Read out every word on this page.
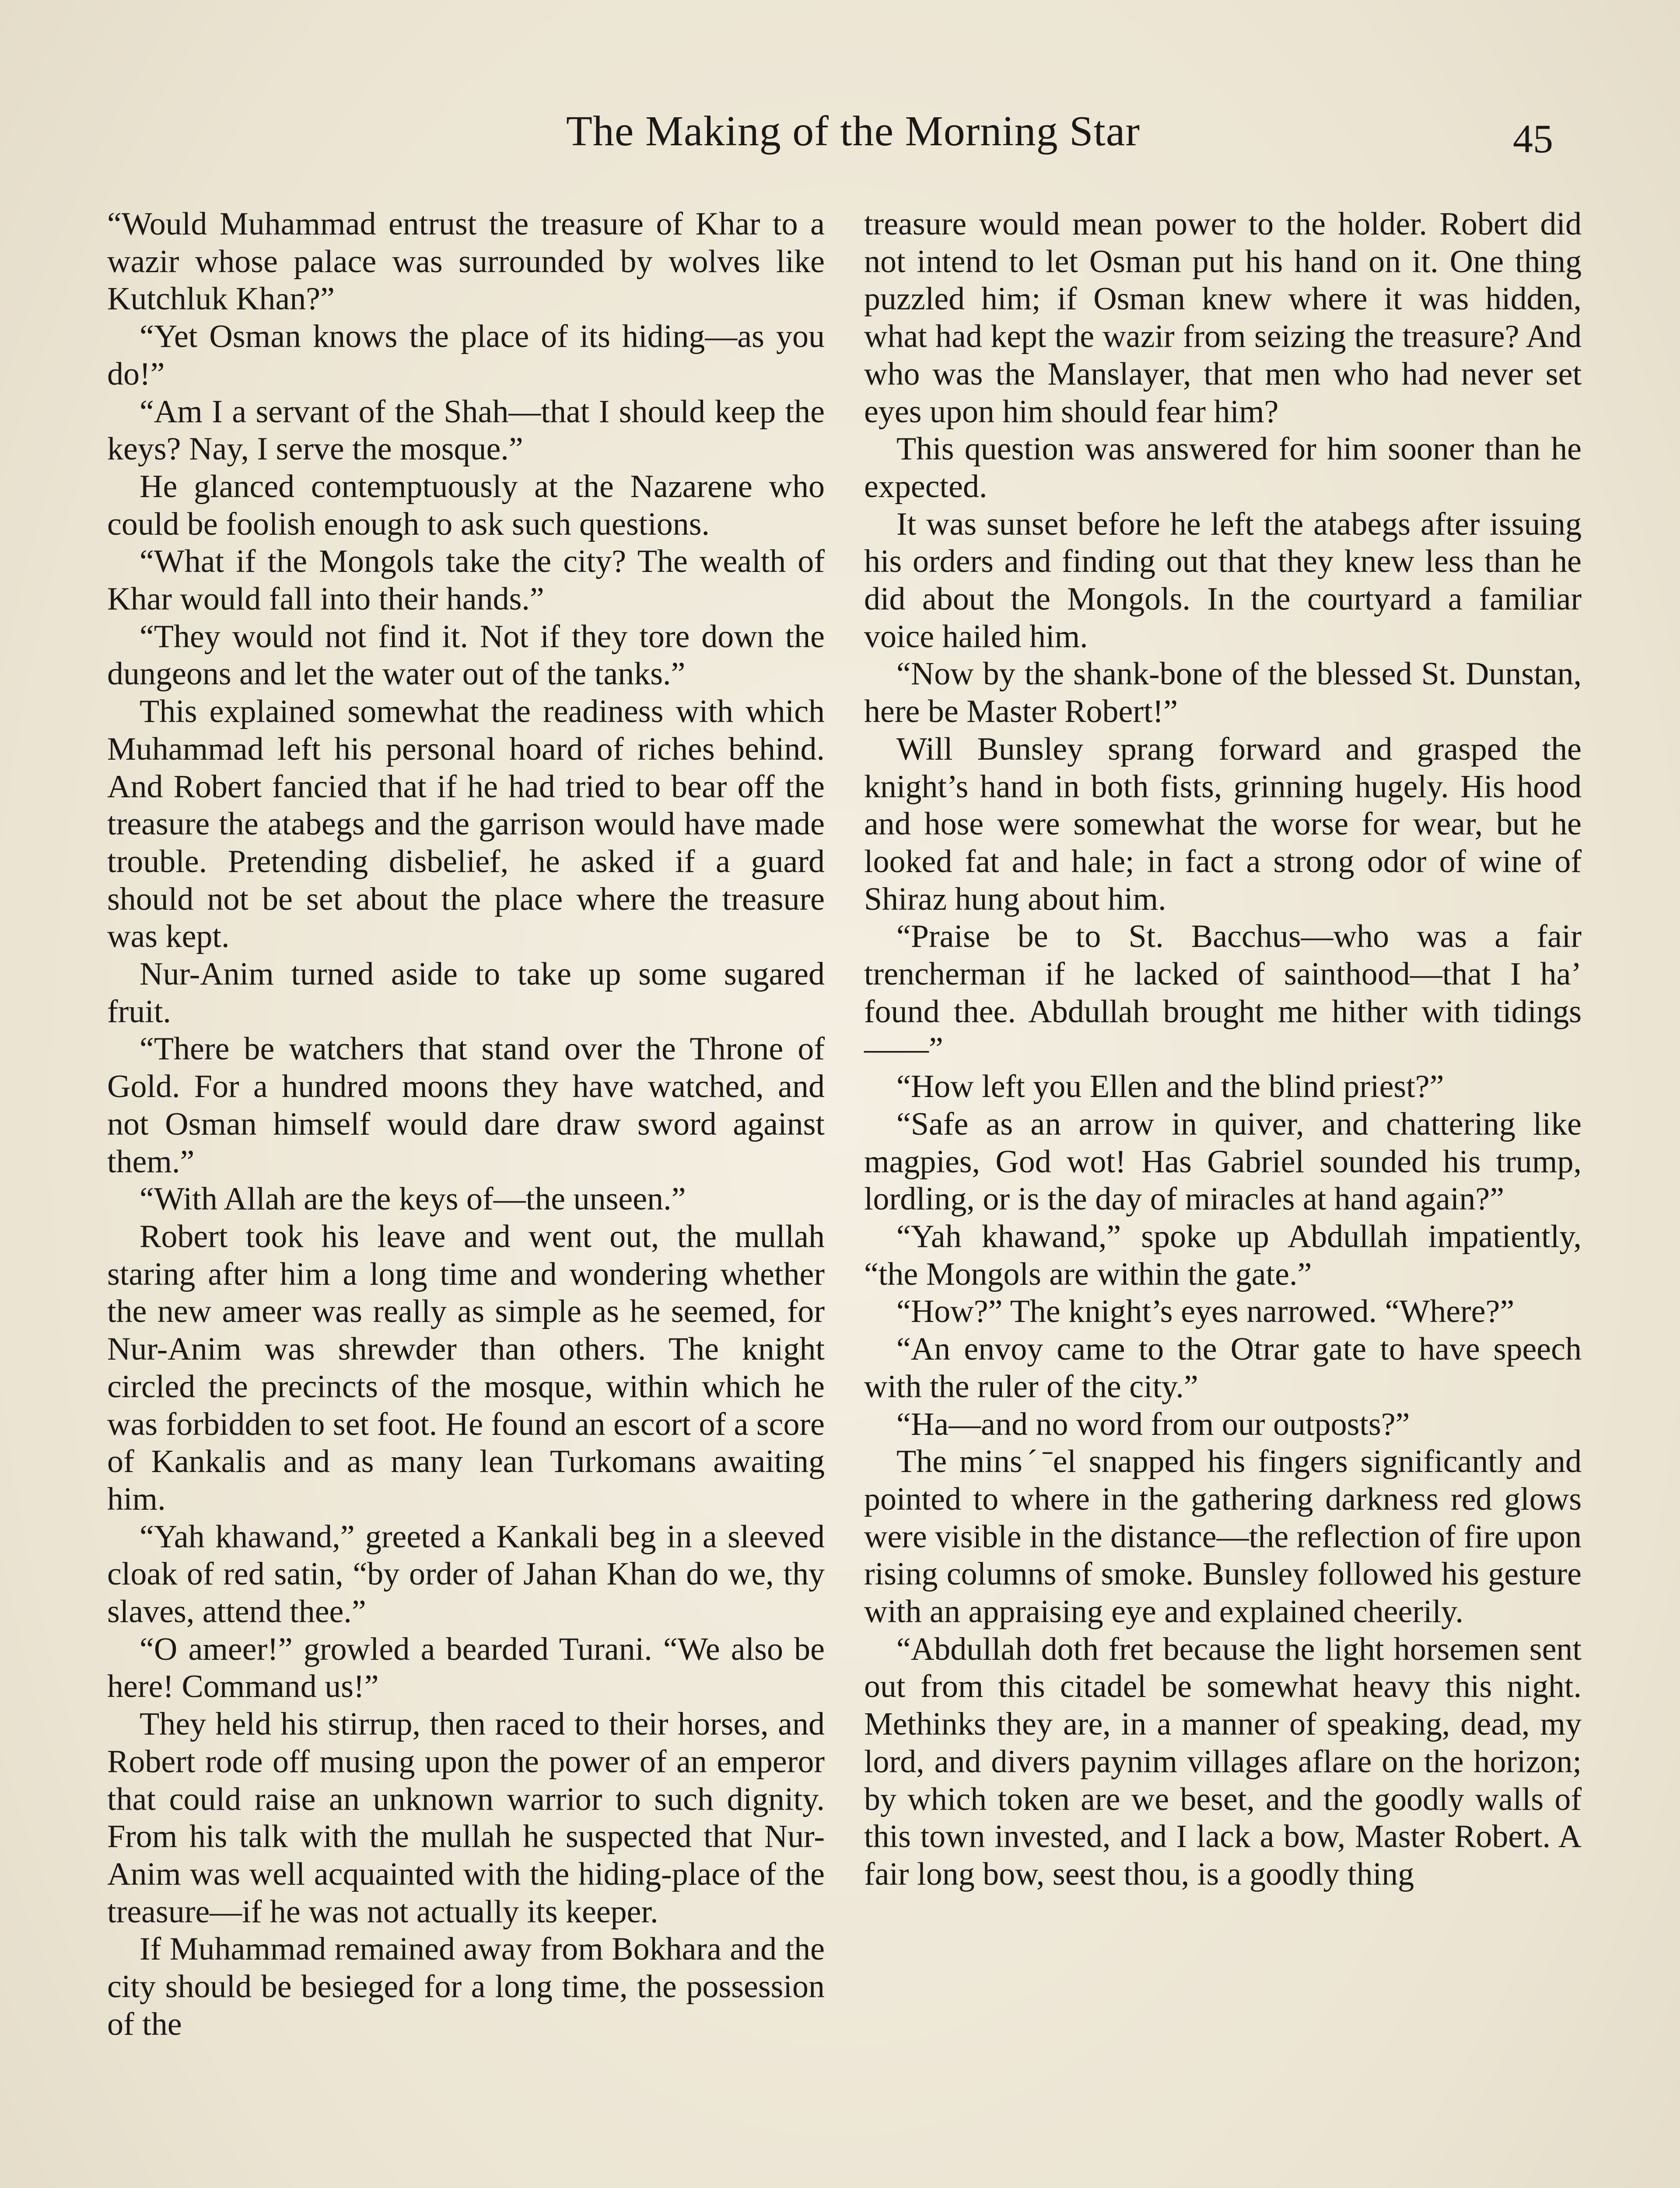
The Making of the Morning Star	45

“Would Muhammad entrust the treasure of Khar to a wazir whose palace was surrounded by wolves like Kutchluk Khan?”

“Yet Osman knows the place of its hiding—as you do!”

“Am I a servant of the Shah—that I should keep the keys? Nay, I serve the mosque.”

He glanced contemptuously at the Nazarene who could be foolish enough to ask such questions.

“What if the Mongols take the city? The wealth of Khar would fall into their hands.”

“They would not find it. Not if they tore down the dungeons and let the water out of the tanks.”

This explained somewhat the readiness with which Muhammad left his personal hoard of riches behind. And Robert fancied that if he had tried to bear off the treasure the atabegs and the garrison would have made trouble. Pretending disbelief, he asked if a guard should not be set about the place where the treasure was kept.

Nur-Anim turned aside to take up some sugared fruit.

“There be watchers that stand over the Throne of Gold. For a hundred moons they have watched, and not Osman himself would dare draw sword against them.”

“With Allah are the keys of—the unseen.”

Robert took his leave and went out, the mullah staring after him a long time and wondering whether the new ameer was really as simple as he seemed, for Nur-Anim was shrewder than others. The knight circled the precincts of the mosque, within which he was forbidden to set foot. He found an escort of a score of Kankalis and as many lean Turkomans awaiting him.

“Yah khawand,” greeted a Kankali beg in a sleeved cloak of red satin, “by order of Jahan Khan do we, thy slaves, attend thee.”

“O ameer!” growled a bearded Turani. “We also be here! Command us!”

They held his stirrup, then raced to their horses, and Robert rode off musing upon the power of an emperor that could raise an unknown warrior to such dignity. From his talk with the mullah he suspected that Nur-Anim was well acquainted with the hiding-place of the treasure—if he was not actually its keeper.

If Muhammad remained away from Bokhara and the city should be besieged for a long time, the possession of the

treasure would mean power to the holder. Robert did not intend to let Osman put his hand on it. One thing puzzled him; if Osman knew where it was hidden, what had kept the wazir from seizing the treasure? And who was the Manslayer, that men who had never set eyes upon him should fear him?

This question was answered for him sooner than he expected.

It was sunset before he left the atabegs after issuing his orders and finding out that they knew less than he did about the Mongols. In the courtyard a familiar voice hailed him.

“Now by the shank-bone of the blessed St. Dunstan, here be Master Robert!”

Will Bunsley sprang forward and grasped the knight’s hand in both fists, grinning hugely. His hood and hose were somewhat the worse for wear, but he looked fat and hale; in fact a strong odor of wine of Shiraz hung about him.

“Praise be to St. Bacchus—who was a fair trencherman if he lacked of sainthood—that I ha’ found thee. Abdullah brought me hither with tidings——”

“How left you Ellen and the blind priest?”

“Safe as an arrow in quiver, and chattering like magpies, God wot! Has Gabriel sounded his trump, lordling, or is the day of miracles at hand again?”

“Yah khawand,” spoke up Abdullah impatiently, “the Mongols are within the gate.”

“How?” The knight’s eyes narrowed. “Where?”

“An envoy came to the Otrar gate to have speech with the ruler of the city.”

“Ha—and no word from our outposts?”

The minsˊˉel snapped his fingers significantly and pointed to where in the gathering darkness red glows were visible in the distance—the reflection of fire upon rising columns of smoke. Bunsley followed his gesture with an appraising eye and explained cheerily.

“Abdullah doth fret because the light horsemen sent out from this citadel be somewhat heavy this night. Methinks they are, in a manner of speaking, dead, my lord, and divers paynim villages aflare on the horizon; by which token are we beset, and the goodly walls of this town invested, and I lack a bow, Master Robert. A fair long bow, seest thou, is a goodly thing
